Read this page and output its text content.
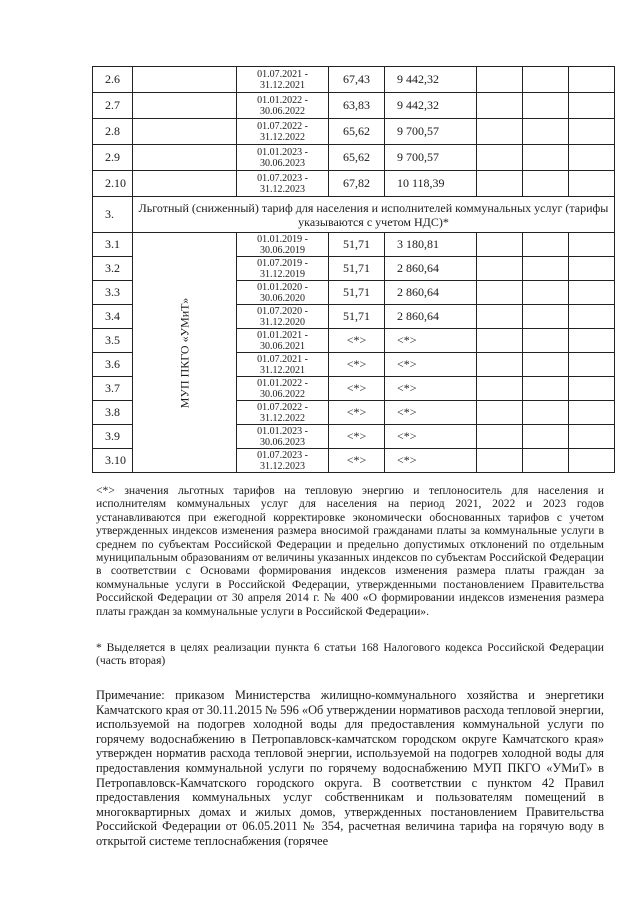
2.6		01.07.2021 -
31.12.2021	67,43	9 442,32			
2.7		01.01.2022 -
30.06.2022	63,83	9 442,32			
2.8		01.07.2022 -
31.12.2022	65,62	9 700,57			
2.9		01.01.2023 -
30.06.2023	65,62	9 700,57			
2.10		01.07.2023 -
31.12.2023	67,82	10 118,39			
3.	Льготный (сниженный) тариф для населения и исполнителей коммунальных услуг (тарифы указываются с учетом НДС)*						
3.1	МУП ПКГО «УМиТ»	01.01.2019 -
30.06.2019	51,71	3 180,81			
3.2		01.07.2019 -
31.12.2019	51,71	2 860,64			
3.3		01.01.2020 -
30.06.2020	51,71	2 860,64			
3.4		01.07.2020 -
31.12.2020	51,71	2 860,64			
3.5		01.01.2021 -
30.06.2021	<*>	<*>			
3.6		01.07.2021 -
31.12.2021	<*>	<*>			
3.7		01.01.2022 -
30.06.2022	<*>	<*>			
3.8		01.07.2022 -
31.12.2022	<*>	<*>			
3.9		01.01.2023 -
30.06.2023	<*>	<*>			
3.10		01.07.2023 -
31.12.2023	<*>	<*>			

<*> значения льготных тарифов на тепловую энергию и теплоноситель для населения и исполнителям коммунальных услуг для населения на период 2021, 2022 и 2023 годов устанавливаются при ежегодной корректировке экономически обоснованных тарифов с учетом утвержденных индексов изменения размера вносимой гражданами платы за коммунальные услуги в среднем по субъектам Российской Федерации и предельно допустимых отклонений по отдельным муниципальным образованиям от величины указанных индексов по субъектам Российской Федерации в соответствии с Основами формирования индексов изменения размера платы граждан за коммунальные услуги в Российской Федерации, утвержденными постановлением Правительства Российской Федерации от 30 апреля 2014 г. № 400 «О формировании индексов изменения размера платы граждан за коммунальные услуги в Российской Федерации».

* Выделяется в целях реализации пункта 6 статьи 168 Налогового кодекса Российской Федерации (часть вторая)

Примечание: приказом Министерства жилищно-коммунального хозяйства и энергетики Камчатского края от 30.11.2015 № 596 «Об утверждении нормативов расхода тепловой энергии, используемой на подогрев холодной воды для предоставления коммунальной услуги по горячему водоснабжению в Петропавловск-камчатском городском округе Камчатского края» утвержден норматив расхода тепловой энергии, используемой на подогрев холодной воды для предоставления коммунальной услуги по горячему водоснабжению МУП ПКГО «УМиТ» в Петропавловск-Камчатского городского округа. В соответствии с пунктом 42 Правил предоставления коммунальных услуг собственникам и пользователям помещений в многоквартирных домах и жилых домов, утвержденных постановлением Правительства Российской Федерации от 06.05.2011 № 354, расчетная величина тарифа на горячую воду в открытой системе теплоснабжения (горячее
